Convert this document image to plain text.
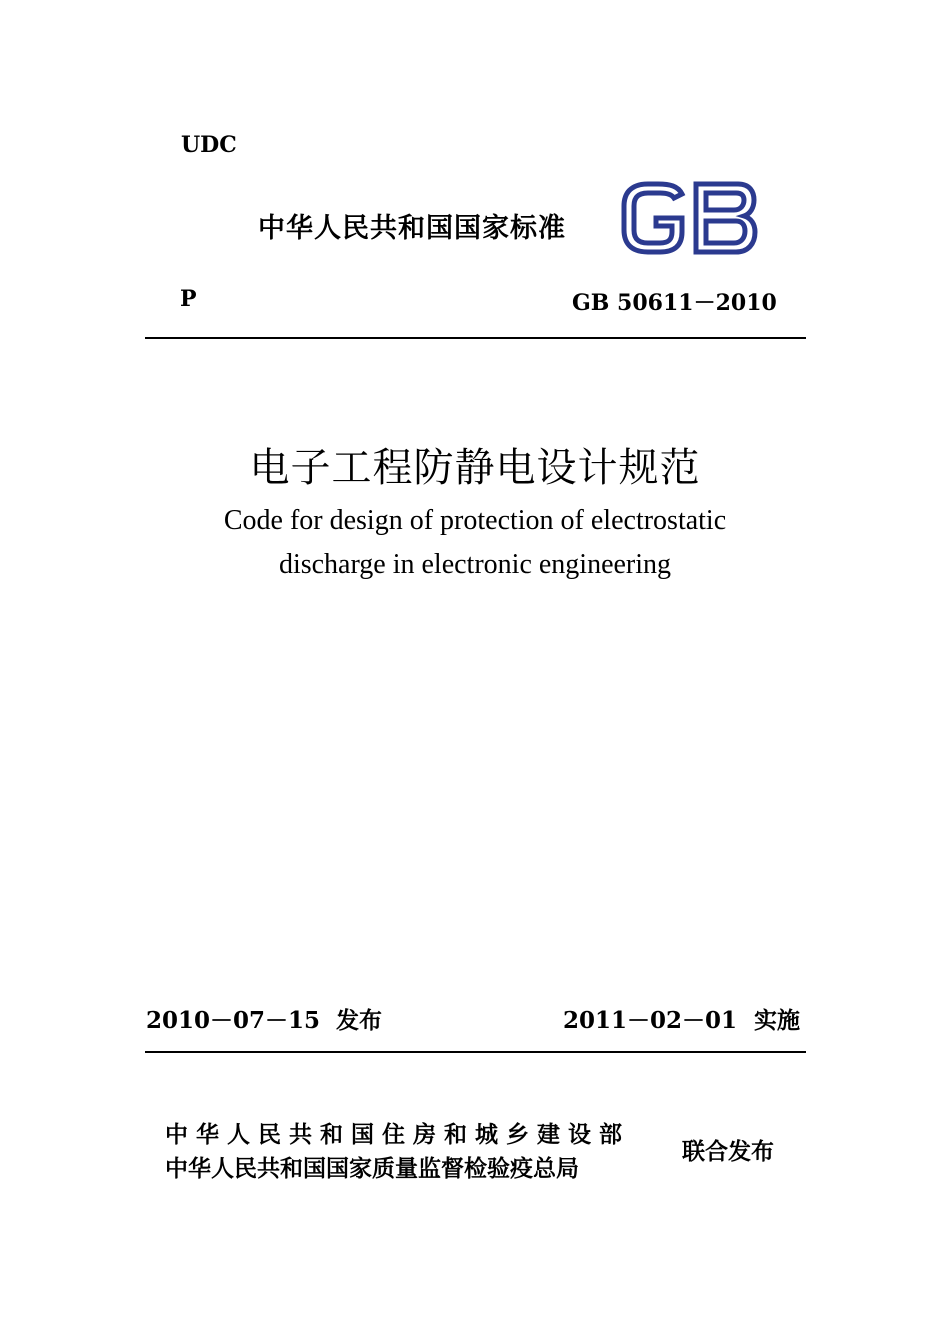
UDC
中华人民共和国国家标准
GB
P	GB 50611－2010
电子工程防静电设计规范
Code for design of protection of electrostatic
discharge in electronic engineering
2010－07－15 发布	2011－02－01 实施
中华人民共和国住房和城乡建设部
中华人民共和国国家质量监督检验疫总局
联合发布
